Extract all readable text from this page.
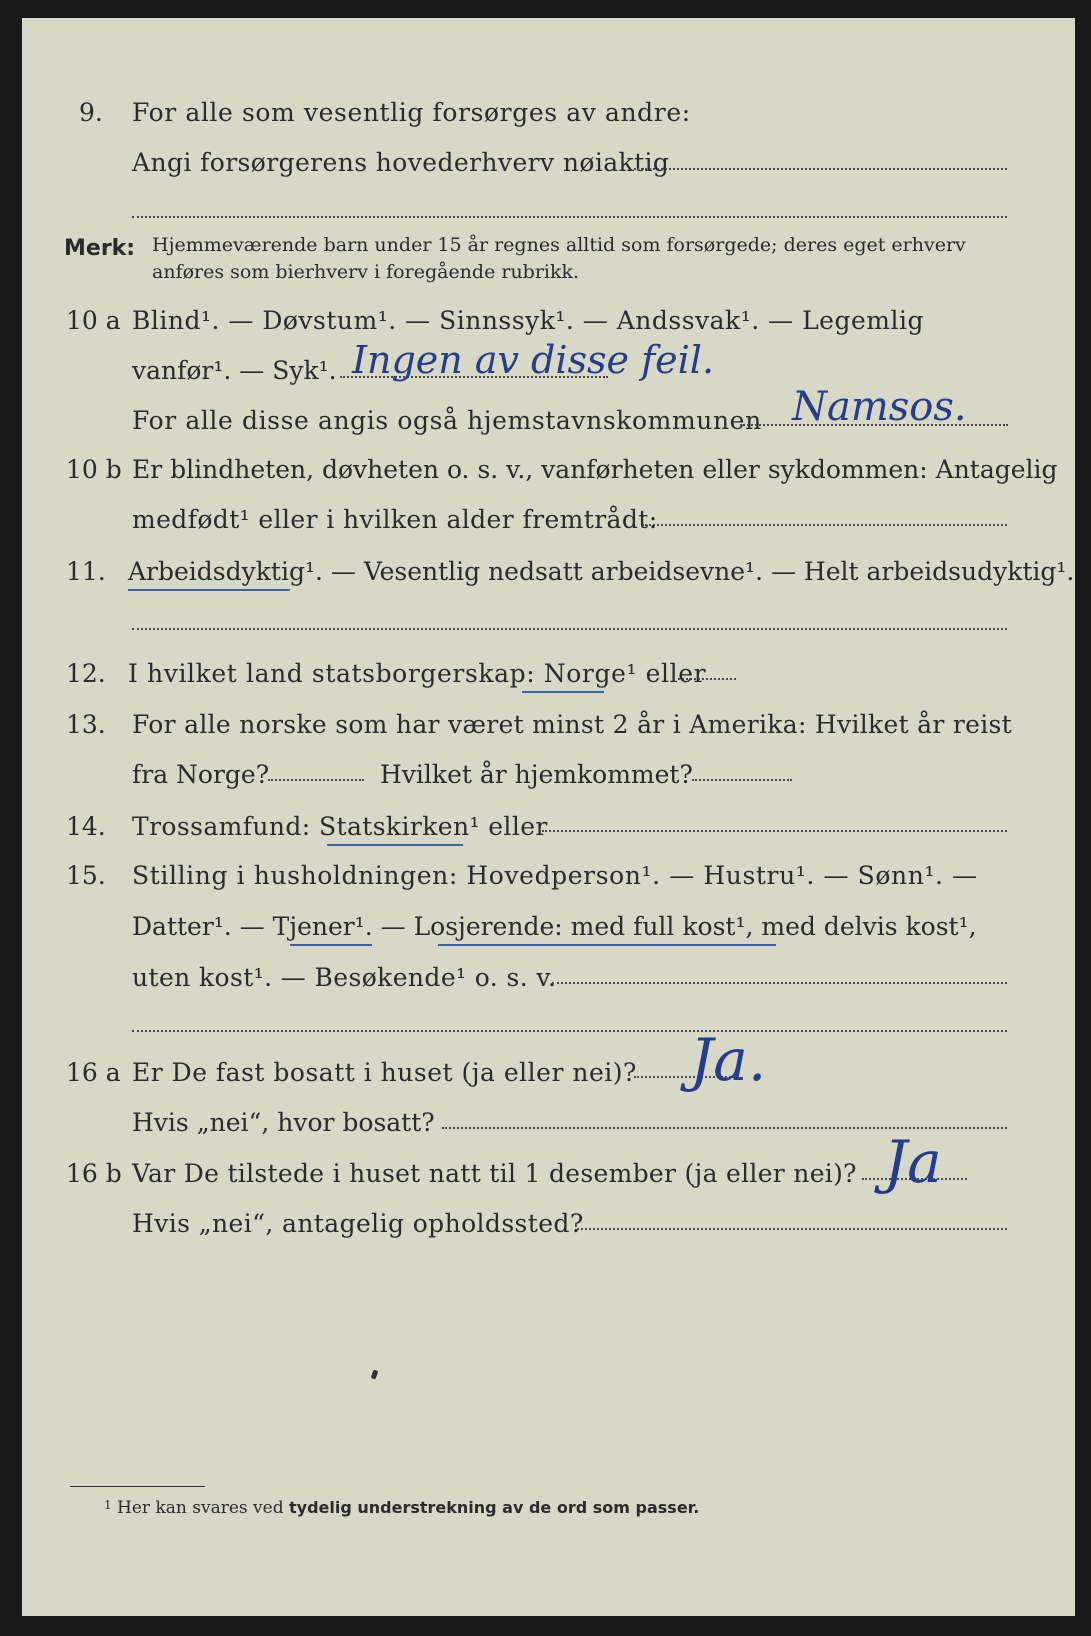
9. For alle som vesentlig forsørges av andre:
Angi forsørgerens hovederhverv nøiaktig
Merk: Hjemmeværende barn under 15 år regnes alltid som forsørgede; deres eget erhverv
anføres som bierhverv i foregående rubrikk.
10 a Blind¹. — Døvstum¹. — Sinnssyk¹. — Andssvak¹. — Legemlig
vanfør¹. — Syk¹. Ingen av disse feil.
For alle disse angis også hjemstavnskommunen Namsos.
10 b Er blindheten, døvheten o. s. v., vanførheten eller sykdommen: Antagelig
medfødt¹ eller i hvilken alder fremtrådt:
11. Arbeidsdyktig¹. — Vesentlig nedsatt arbeidsevne¹. — Helt arbeidsudyktig¹.
12. I hvilket land statsborgerskap: Norge¹ eller
13. For alle norske som har været minst 2 år i Amerika: Hvilket år reist
fra Norge?	Hvilket år hjemkommet?
14. Trossamfund: Statskirken¹ eller
15. Stilling i husholdningen: Hovedperson¹. — Hustru¹. — Sønn¹. —
Datter¹. — Tjener¹. — Losjerende: med full kost¹, med delvis kost¹,
uten kost¹. — Besøkende¹ o. s. v.
16 a Er De fast bosatt i huset (ja eller nei)? Ja.
Hvis „nei“, hvor bosatt?
16 b Var De tilstede i huset natt til 1 desember (ja eller nei)? Ja
Hvis „nei“, antagelig opholdssted?
$^1$ Her kan svares ved tydelig understrekning av de ord som passer.
